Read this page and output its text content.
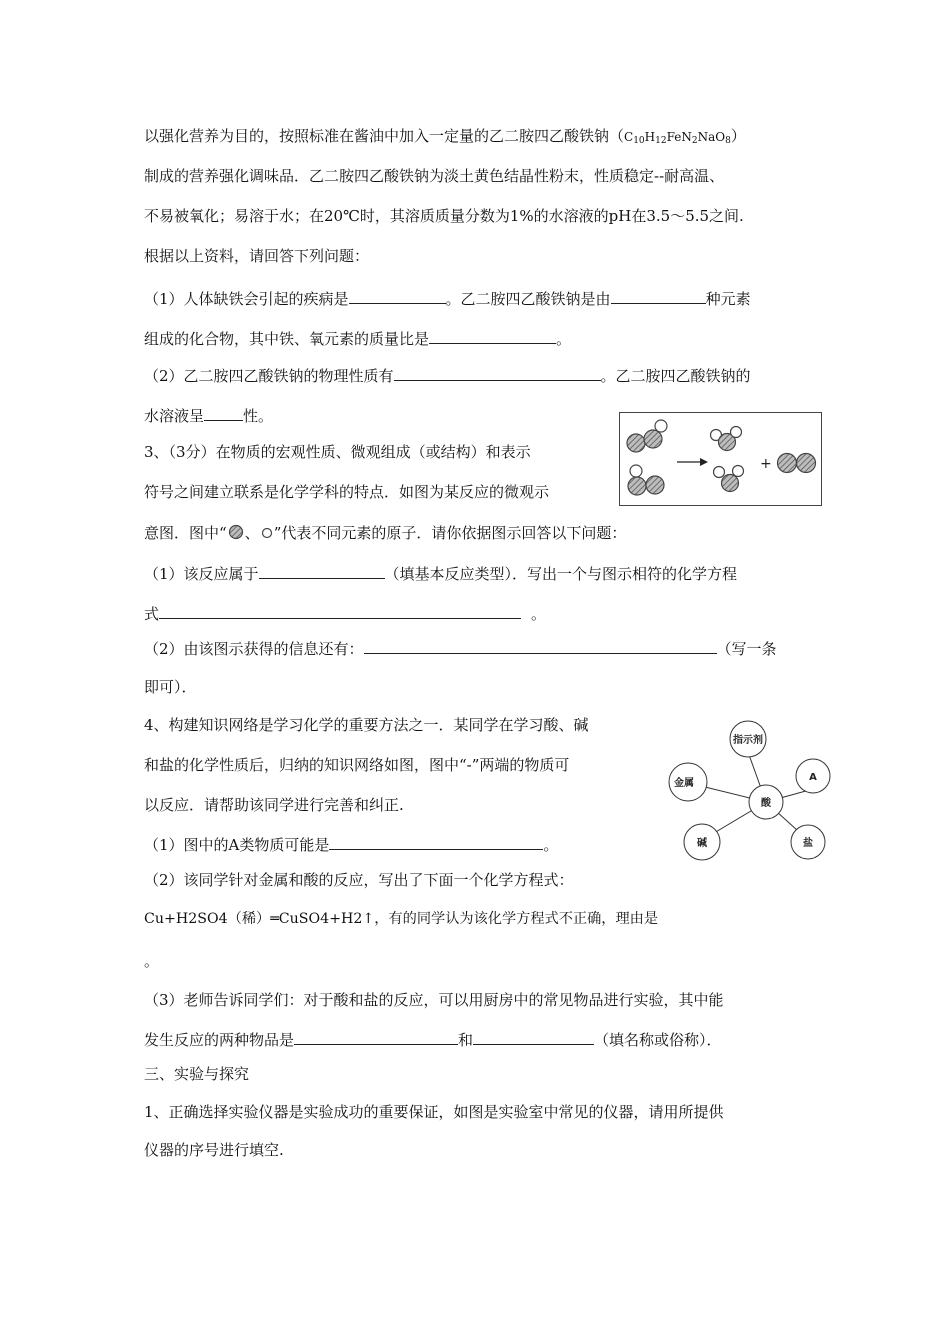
以强化营养为目的，按照标准在酱油中加入一定量的乙二胺四乙酸铁钠$(C_{10}H_{12}FeN_2NaO_8)$
制成的营养强化调味品．乙二胺四乙酸铁钠为淡土黄色结晶性粉末，性质稳定--耐高温、
不易被氧化；易溶于水；在20℃时，其溶质质量分数为1%的水溶液的pH在3.5～5.5之间.
根据以上资料，请回答下列问题：
（1）人体缺铁会引起的疾病是	。乙二胺四乙酸铁钠是由	种元素
组成的化合物，其中铁、氧元素的质量比是	。
（2）乙二胺四乙酸铁钠的物理性质有	。乙二胺四乙酸铁钠的
水溶液呈	性。
3、（3分）在物质的宏观性质、微观组成（或结构）和表示
符号之间建立联系是化学学科的特点．如图为某反应的微观示
意图．图中“ 、 ”代表不同元素的原子．请你依据图示回答以下问题：
+
（1）该反应属于	（填基本反应类型）．写出一个与图示相符的化学方程
式	。
（2）由该图示获得的信息还有：	（写一条
即可）．
4、构建知识网络是学习化学的重要方法之一．某同学在学习酸、碱
和盐的化学性质后，归纳的知识网络如图，图中“-”两端的物质可
以反应．请帮助该同学进行完善和纠正.
指示剂
金属
A
酸
碱	盐
（1）图中的A类物质可能是	。
（2）该同学针对金属和酸的反应，写出了下面一个化学方程式：
Cu+H2SO4（稀）═CuSO4+H2↑，有的同学认为该化学方程式不正确，理由是
。
（3）老师告诉同学们：对于酸和盐的反应，可以用厨房中的常见物品进行实验，其中能
发生反应的两种物品是	和	（填名称或俗称）．
三、实验与探究
1、正确选择实验仪器是实验成功的重要保证，如图是实验室中常见的仪器，请用所提供
仪器的序号进行填空.
